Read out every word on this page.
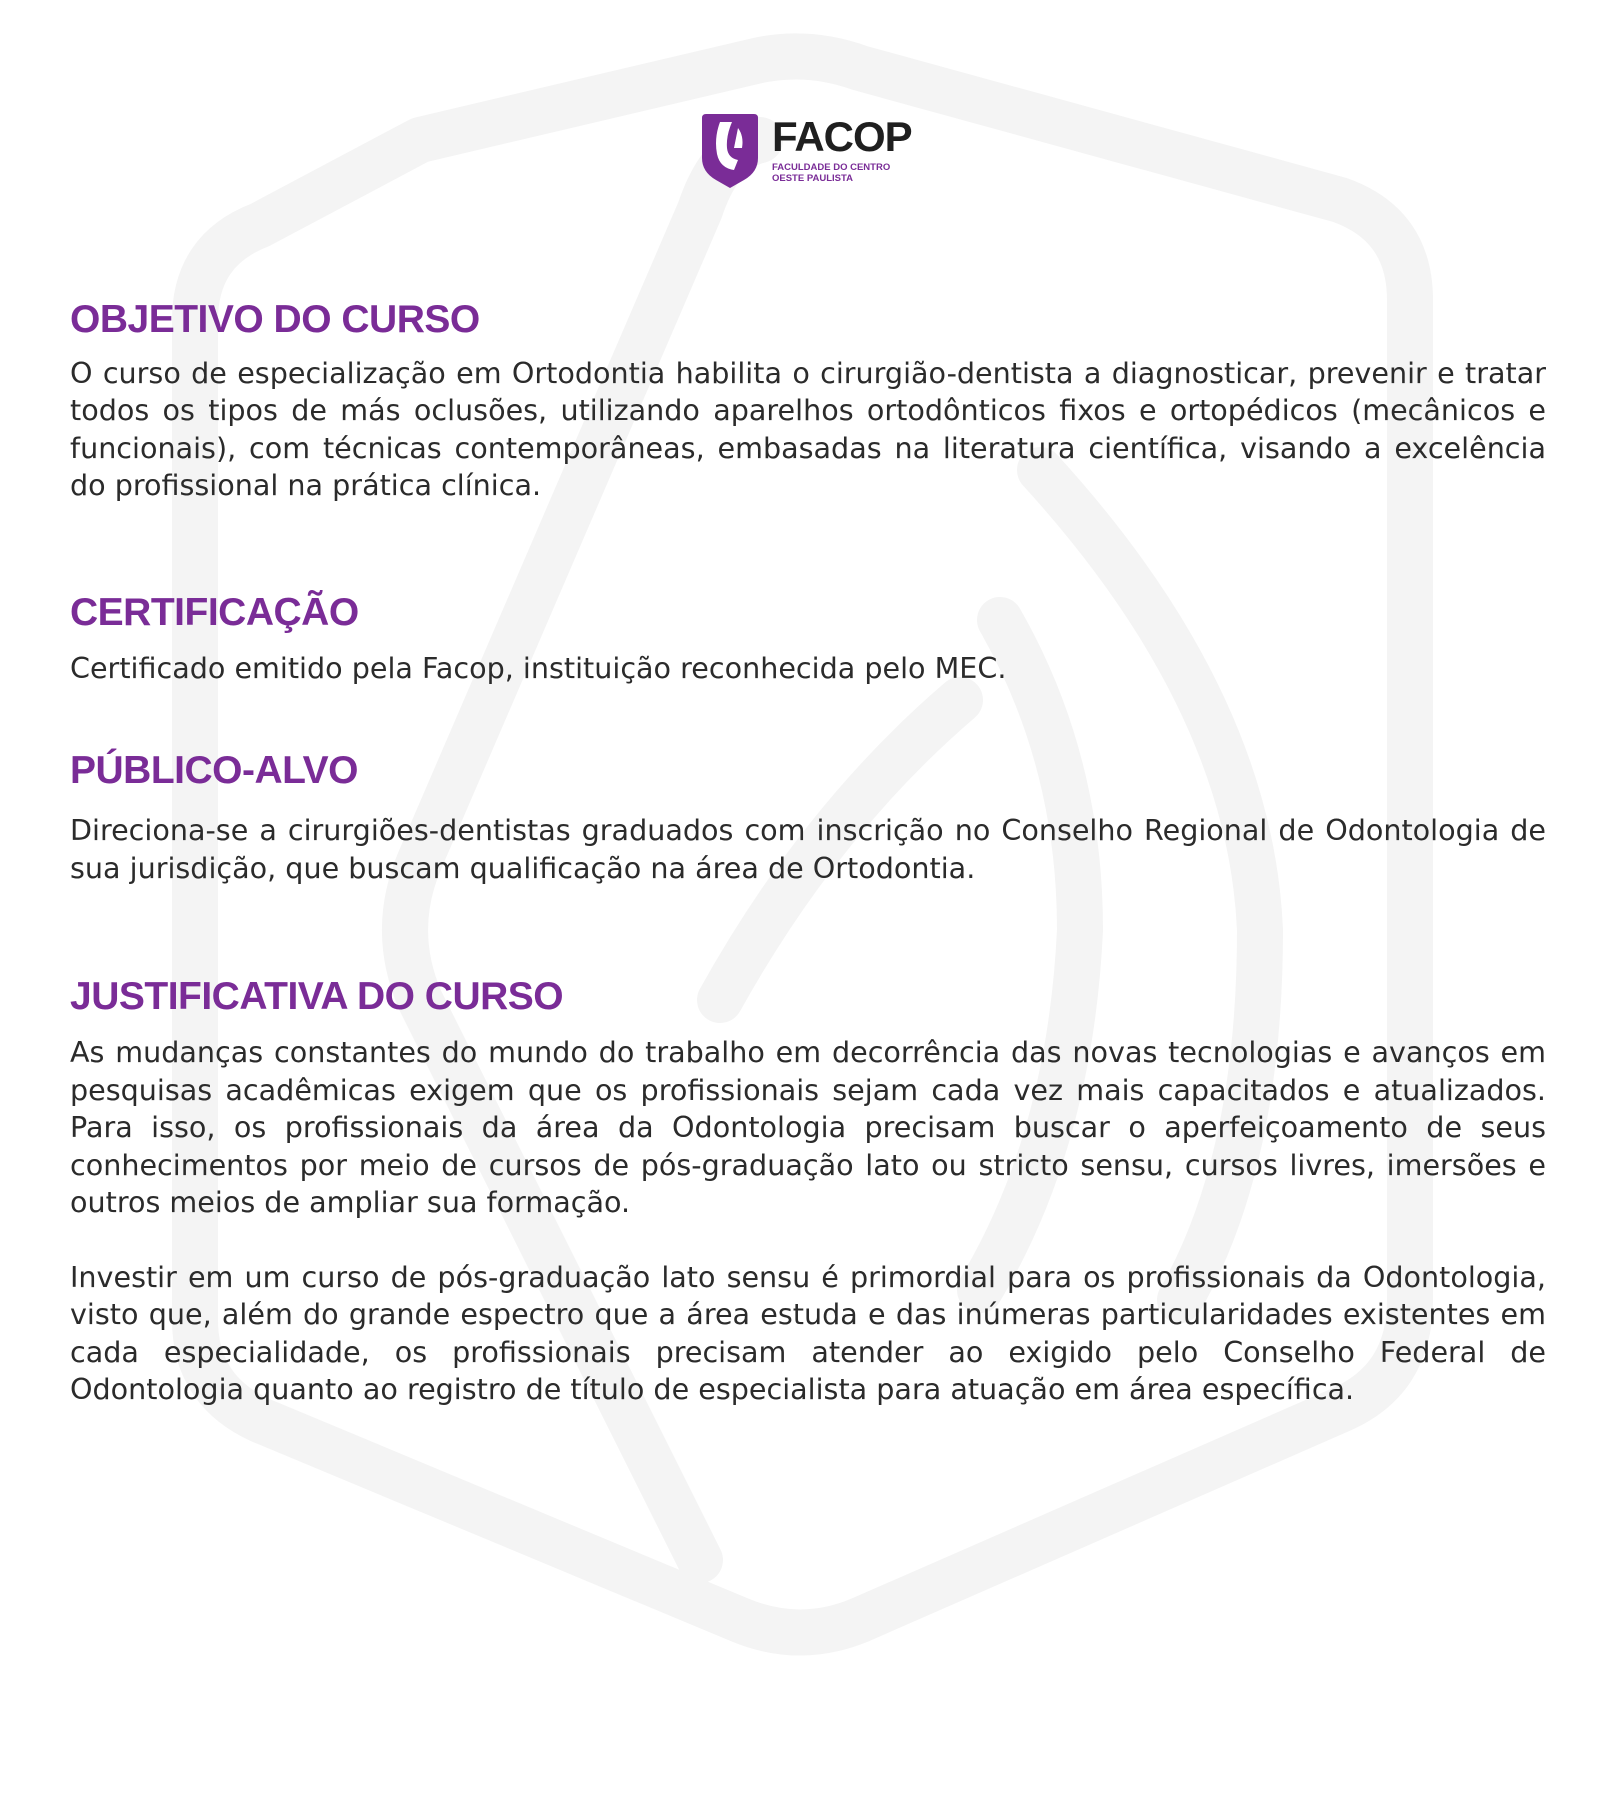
FACOP
FACULDADE DO CENTRO OESTE PAULISTA
OBJETIVO DO CURSO

O curso de especialização em Ortodontia habilita o cirurgião-dentista a diagnosticar, prevenir e tratar todos os tipos de más oclusões, utilizando aparelhos ortodônticos fixos e ortopédicos (mecânicos e funcionais), com técnicas contemporâneas, embasadas na literatura científica, visando a excelência do profissional na prática clínica.

CERTIFICAÇÃO

Certificado emitido pela Facop, instituição reconhecida pelo MEC.

PÚBLICO-ALVO

Direciona-se a cirurgiões-dentistas graduados com inscrição no Conselho Regional de Odontologia de sua jurisdição, que buscam qualificação na área de Ortodontia.

JUSTIFICATIVA DO CURSO

As mudanças constantes do mundo do trabalho em decorrência das novas tecnologias e avanços em pesquisas acadêmicas exigem que os profissionais sejam cada vez mais capacitados e atualizados. Para isso, os profissionais da área da Odontologia precisam buscar o aperfeiçoamento de seus conhecimentos por meio de cursos de pós-graduação lato ou stricto sensu, cursos livres, imersões e outros meios de ampliar sua formação.

Investir em um curso de pós-graduação lato sensu é primordial para os profissionais da Odontologia, visto que, além do grande espectro que a área estuda e das inúmeras particularidades existentes em cada especialidade, os profissionais precisam atender ao exigido pelo Conselho Federal de Odontologia quanto ao registro de título de especialista para atuação em área específica.
